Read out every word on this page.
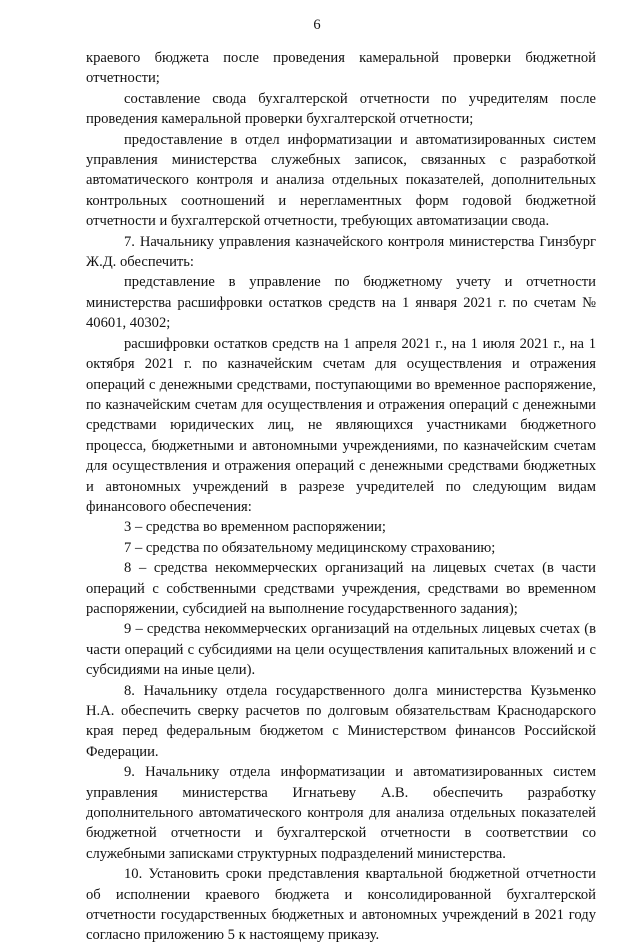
6

краевого бюджета после проведения камеральной проверки бюджетной отчетности;

составление свода бухгалтерской отчетности по учредителям после проведения камеральной проверки бухгалтерской отчетности;

предоставление в отдел информатизации и автоматизированных систем управления министерства служебных записок, связанных с разработкой автоматического контроля и анализа отдельных показателей, дополнительных контрольных соотношений и нерегламентных форм годовой бюджетной отчетности и бухгалтерской отчетности, требующих автоматизации свода.

7. Начальнику управления казначейского контроля министерства Гинзбург Ж.Д. обеспечить:

представление в управление по бюджетному учету и отчетности министерства расшифровки остатков средств на 1 января 2021 г. по счетам № 40601, 40302;

расшифровки остатков средств на 1 апреля 2021 г., на 1 июля 2021 г., на 1 октября 2021 г. по казначейским счетам для осуществления и отражения операций с денежными средствами, поступающими во временное распоряжение, по казначейским счетам для осуществления и отражения операций с денежными средствами юридических лиц, не являющихся участниками бюджетного процесса, бюджетными и автономными учреждениями, по казначейским счетам для осуществления и отражения операций с денежными средствами бюджетных и автономных учреждений в разрезе учредителей по следующим видам финансового обеспечения:

3 – средства во временном распоряжении;

7 – средства по обязательному медицинскому страхованию;

8 – средства некоммерческих организаций на лицевых счетах (в части операций с собственными средствами учреждения, средствами во временном распоряжении, субсидией на выполнение государственного задания);

9 – средства некоммерческих организаций на отдельных лицевых счетах (в части операций с субсидиями на цели осуществления капитальных вложений и с субсидиями на иные цели).

8. Начальнику отдела государственного долга министерства Кузьменко Н.А. обеспечить сверку расчетов по долговым обязательствам Краснодарского края перед федеральным бюджетом с Министерством финансов Российской Федерации.

9. Начальнику отдела информатизации и автоматизированных систем управления министерства Игнатьеву А.В. обеспечить разработку дополнительного автоматического контроля для анализа отдельных показателей бюджетной отчетности и бухгалтерской отчетности в соответствии со служебными записками структурных подразделений министерства.

10. Установить сроки представления квартальной бюджетной отчетности об исполнении краевого бюджета и консолидированной бухгалтерской отчетности государственных бюджетных и автономных учреждений в 2021 году согласно приложению 5 к настоящему приказу.
